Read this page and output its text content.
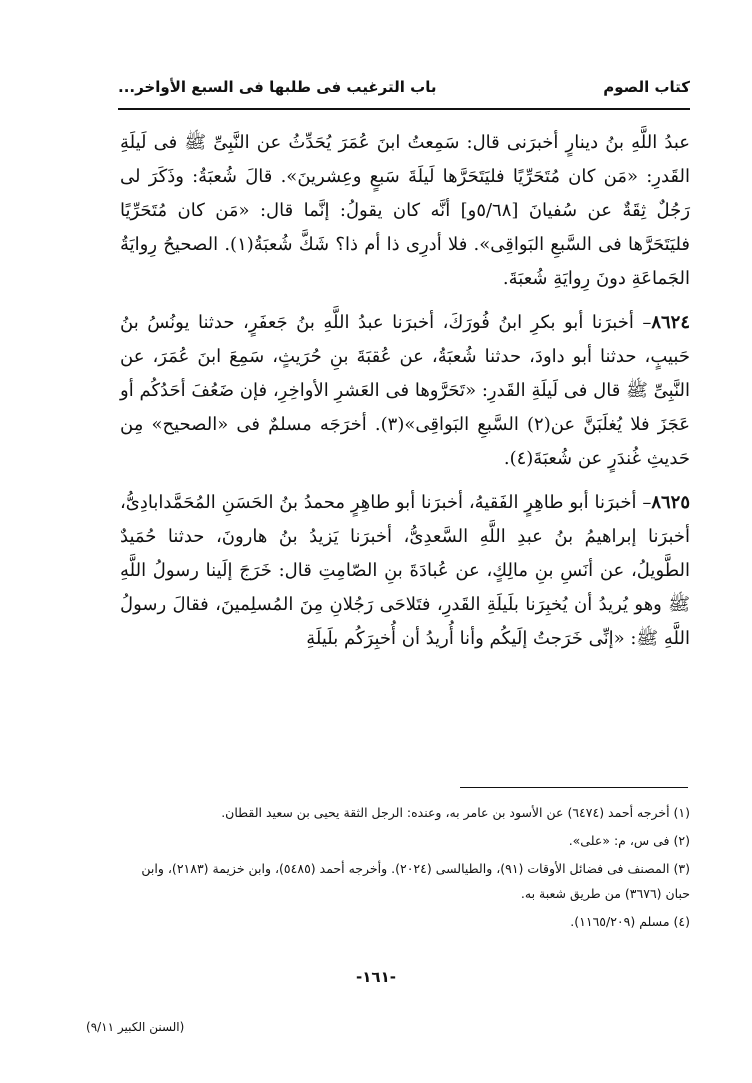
كتاب الصوم
باب الترغيب فى طلبها فى السبع الأواخر...

عبدُ اللَّهِ بنُ دينارٍ أخبرَنى قال: سَمِعتُ ابنَ عُمَرَ يُحَدِّثُ عن النَّبِىِّ ﷺ فى لَيلَةِ القَدرِ: «مَن كان مُتَحَرِّيًا فليَتَحَرَّها لَيلَةَ سَبعٍ وعِشرينَ». قالَ شُعبَةُ: وذَكَرَ لى رَجُلٌ ثِقَةٌ عن سُفيانَ [٥/٦٨و] أنَّه كان يقولُ: إنَّما قال: «مَن كان مُتَحَرِّيًا فليَتَحَرَّها فى السَّبعِ البَواقِى». فلا أدرِى ذا أم ذا؟ شَكَّ شُعبَةُ(١). الصحيحُ رِوايَةُ الجَماعَةِ دونَ رِوايَةِ شُعبَةَ.

٨٦٢٤– أخبرَنا أبو بكرِ ابنُ فُورَكَ، أخبرَنا عبدُ اللَّهِ بنُ جَعفَرٍ، حدثنا يونُسُ بنُ حَبيبٍ، حدثنا أبو داودَ، حدثنا شُعبَةُ، عن عُقبَةَ بنِ حُرَيثٍ، سَمِعَ ابنَ عُمَرَ، عن النَّبِىِّ ﷺ قال فى لَيلَةِ القَدرِ: «تَحَرَّوها فى العَشرِ الأواخِرِ، فإن ضَعُفَ أحَدُكُم أو عَجَزَ فلا يُغلَبَنَّ عن(٢) السَّبعِ البَواقِى»(٣). أخرَجَه مسلمٌ فى «الصحيح» مِن حَديثِ غُندَرٍ عن شُعبَةَ(٤).

٨٦٢٥– أخبرَنا أبو طاهِرٍ الفَقيهُ، أخبرَنا أبو طاهِرٍ محمدُ بنُ الحَسَنِ المُحَمَّدابادِىُّ، أخبرَنا إبراهيمُ بنُ عبدِ اللَّهِ السَّعدِىُّ، أخبرَنا يَزيدُ بنُ هارونَ، حدثنا حُمَيدٌ الطَّويلُ، عن أنَسِ بنِ مالِكٍ، عن عُبادَةَ بنِ الصّامِتِ قال: خَرَجَ إلَينا رسولُ اللَّهِ ﷺ وهو يُريدُ أن يُخبِرَنا بلَيلَةِ القَدرِ، فتَلاحَى رَجُلانِ مِنَ المُسلِمينَ، فقالَ رسولُ اللَّهِ ﷺ: «إنِّى خَرَجتُ إلَيكُم وأنا أُريدُ أن أُخبِرَكُم بلَيلَةِ

(١) أخرجه أحمد (٦٤٧٤) عن الأسود بن عامر به، وعنده: الرجل الثقة يحيى بن سعيد القطان.
(٢) فى س، م: «على».
(٣) المصنف فى فضائل الأوقات (٩١)، والطيالسى (٢٠٢٤). وأخرجه أحمد (٥٤٨٥)، وابن خزيمة (٢١٨٣)، وابن حبان (٣٦٧٦) من طريق شعبة به.
(٤) مسلم (١١٦٥/٢٠٩).
-١٦١-
(السنن الكبير ٩/١١)
